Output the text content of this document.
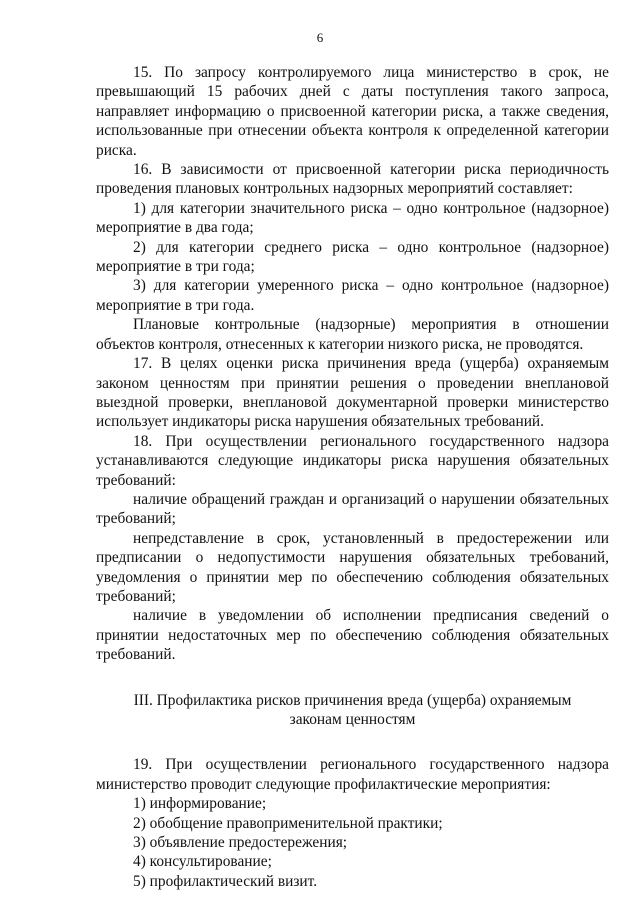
6

15. По запросу контролируемого лица министерство в срок, не превышающий 15 рабочих дней с даты поступления такого запроса, направляет информацию о присвоенной категории риска, а также сведения, использованные при отнесении объекта контроля к определенной категории риска.

16. В зависимости от присвоенной категории риска периодичность проведения плановых контрольных надзорных мероприятий составляет:

1) для категории значительного риска – одно контрольное (надзорное) мероприятие в два года;

2) для категории среднего риска – одно контрольное (надзорное) мероприятие в три года;

3) для категории умеренного риска – одно контрольное (надзорное) мероприятие в три года.

Плановые контрольные (надзорные) мероприятия в отношении объектов контроля, отнесенных к категории низкого риска, не проводятся.

17. В целях оценки риска причинения вреда (ущерба) охраняемым законом ценностям при принятии решения о проведении внеплановой выездной проверки, внеплановой документарной проверки министерство использует индикаторы риска нарушения обязательных требований.

18. При осуществлении регионального государственного надзора устанавливаются следующие индикаторы риска нарушения обязательных требований:

наличие обращений граждан и организаций о нарушении обязательных требований;

непредставление в срок, установленный в предостережении или предписании о недопустимости нарушения обязательных требований, уведомления о принятии мер по обеспечению соблюдения обязательных требований;

наличие в уведомлении об исполнении предписания сведений о принятии недостаточных мер по обеспечению соблюдения обязательных требований.

III. Профилактика рисков причинения вреда (ущерба) охраняемым законам ценностям

19. При осуществлении регионального государственного надзора министерство проводит следующие профилактические мероприятия:

1) информирование;

2) обобщение правоприменительной практики;

3) объявление предостережения;

4) консультирование;

5) профилактический визит.
